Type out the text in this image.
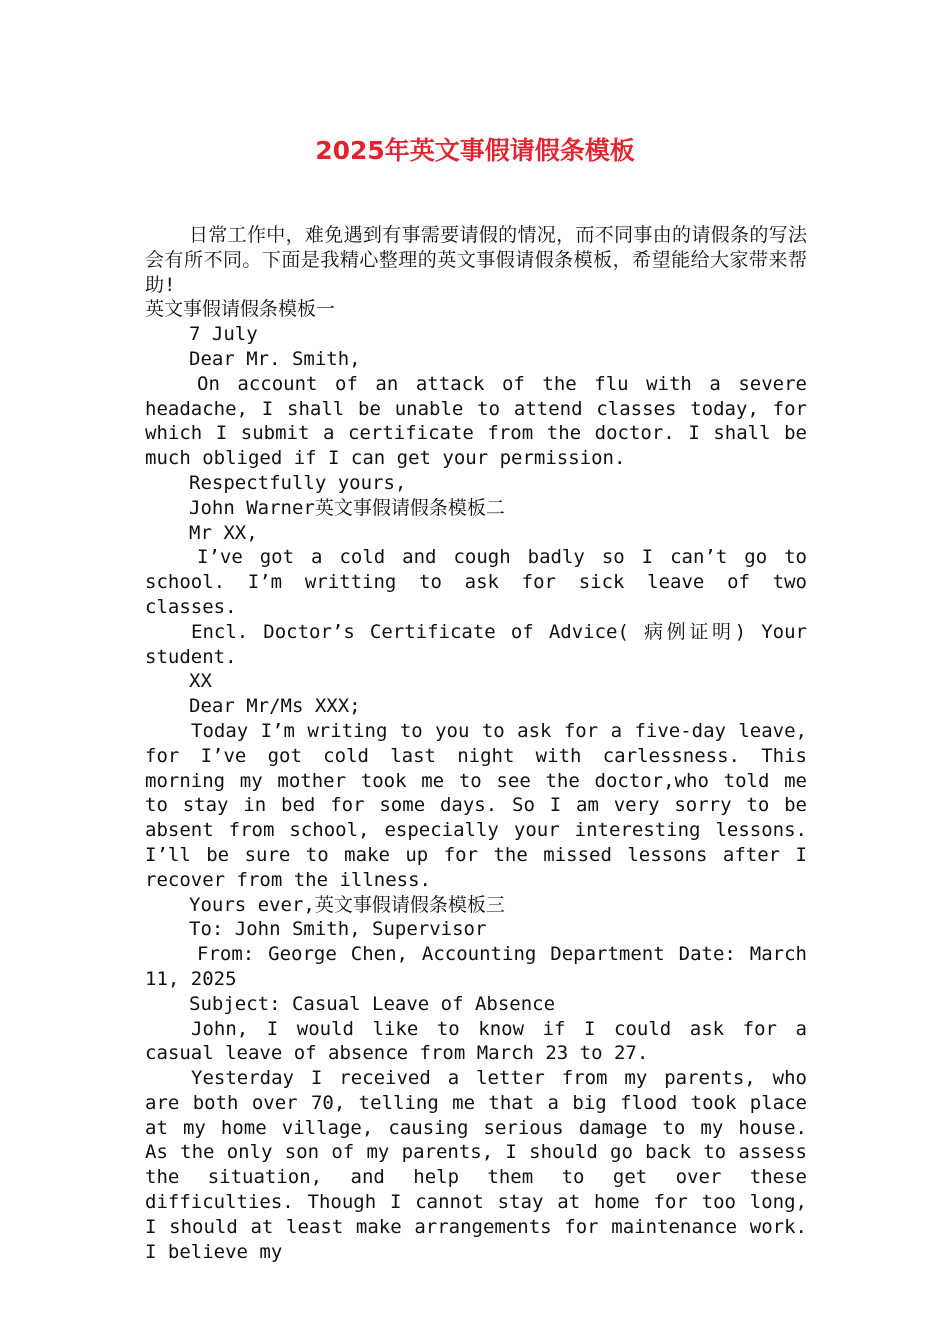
2025年英文事假请假条模板

日常工作中，难免遇到有事需要请假的情况，而不同事由的请假条的写法会有所不同。下面是我精心整理的英文事假请假条模板，希望能给大家带来帮助!

英文事假请假条模板一

7 July

Dear Mr. Smith,

On account of an attack of the flu with a severe headache, I shall be unable to attend classes today, for which I submit a certificate from the doctor. I shall be much obliged if I can get your permission.

Respectfully yours,

John Warner英文事假请假条模板二

Mr XX,

I’ve got a cold and cough badly so I can’t go to school. I’m writting to ask for sick leave of two classes.

Encl. Doctor’s Certificate of Advice( 病例证明) Your student.

XX

Dear Mr/Ms XXX;

Today I’m writing to you to ask for a five-day leave, for I’ve got cold last night with carlessness. This morning my mother took me to see the doctor,who told me to stay in bed for some days. So I am very sorry to be absent from school, especially your interesting lessons. I’ll be sure to make up for the missed lessons after I recover from the illness.

Yours ever,英文事假请假条模板三

To: John Smith, Supervisor

From: George Chen, Accounting Department Date: March 11, 2025

Subject: Casual Leave of Absence

John, I would like to know if I could ask for a casual leave of absence from March 23 to 27.

Yesterday I received a letter from my parents, who are both over 70, telling me that a big flood took place at my home village, causing serious damage to my house. As the only son of my parents, I should go back to assess the situation, and help them to get over these difficulties. Though I cannot stay at home for too long, I should at least make arrangements for maintenance work. I believe my
